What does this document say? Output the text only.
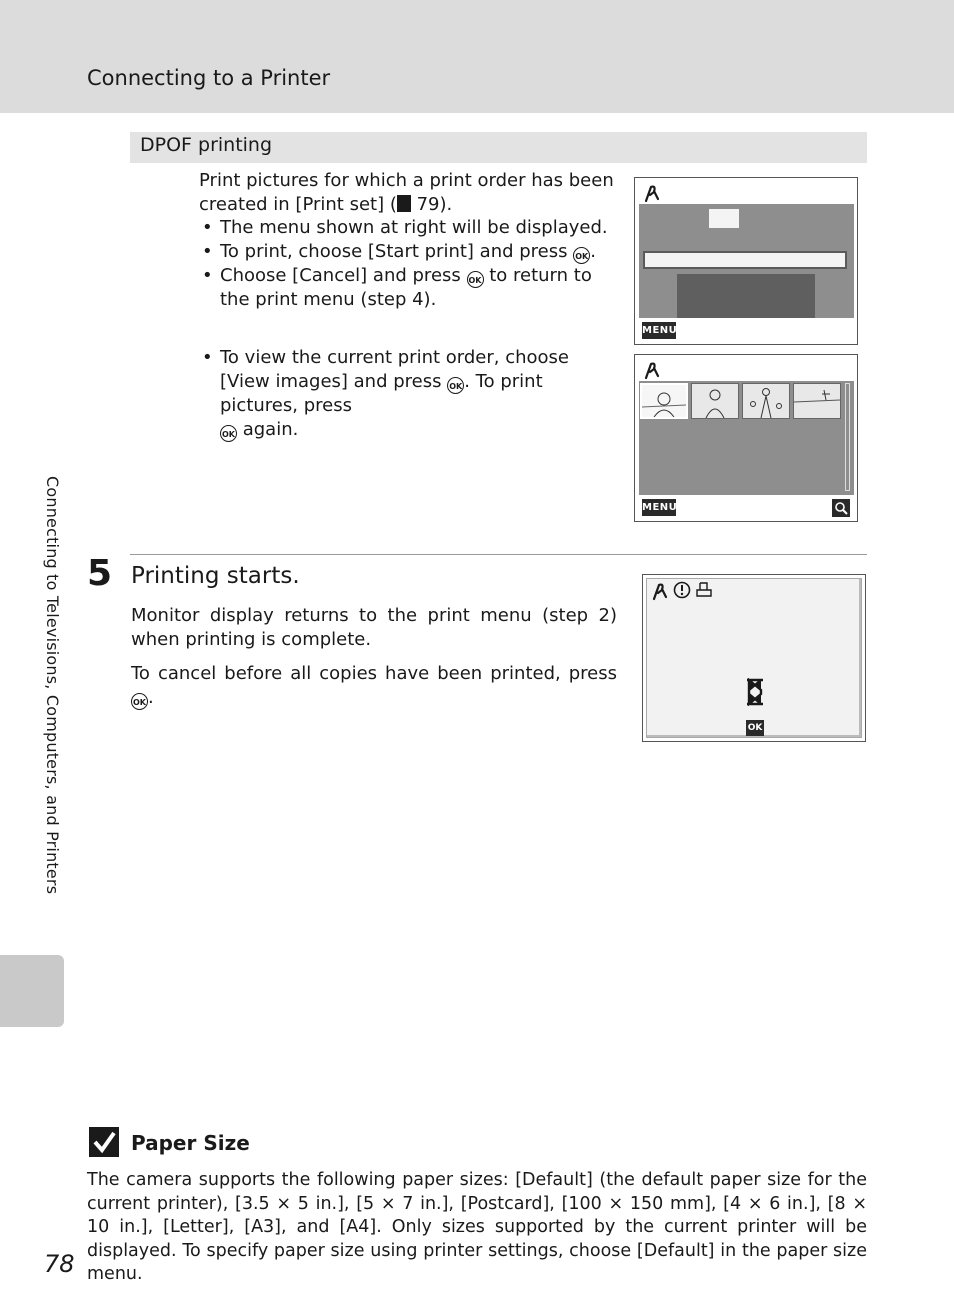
Connecting to a Printer
Connecting to Televisions, Computers, and Printers
DPOF printing
Print pictures for which a print order has been created in [Print set] ( 79).
• The menu shown at right will be displayed.
• To print, choose [Start print] and press OK .
• Choose [Cancel] and press OK to return to the print menu (step 4).
• To view the current print order, choose [View images] and press OK . To print pictures, press
OK again.
MENU
MENU
5 Printing starts.
Monitor display returns to the print menu (step 2) when printing is complete.
To cancel before all copies have been printed, press OK .
OK
Paper Size
The camera supports the following paper sizes: [Default] (the default paper size for the current printer), [3.5 × 5 in.], [5 × 7 in.], [Postcard], [100 × 150 mm], [4 × 6 in.], [8 × 10 in.], [Letter], [A3], and [A4]. Only sizes supported by the current printer will be displayed. To specify paper size using printer settings, choose [Default] in the paper size menu.
78
